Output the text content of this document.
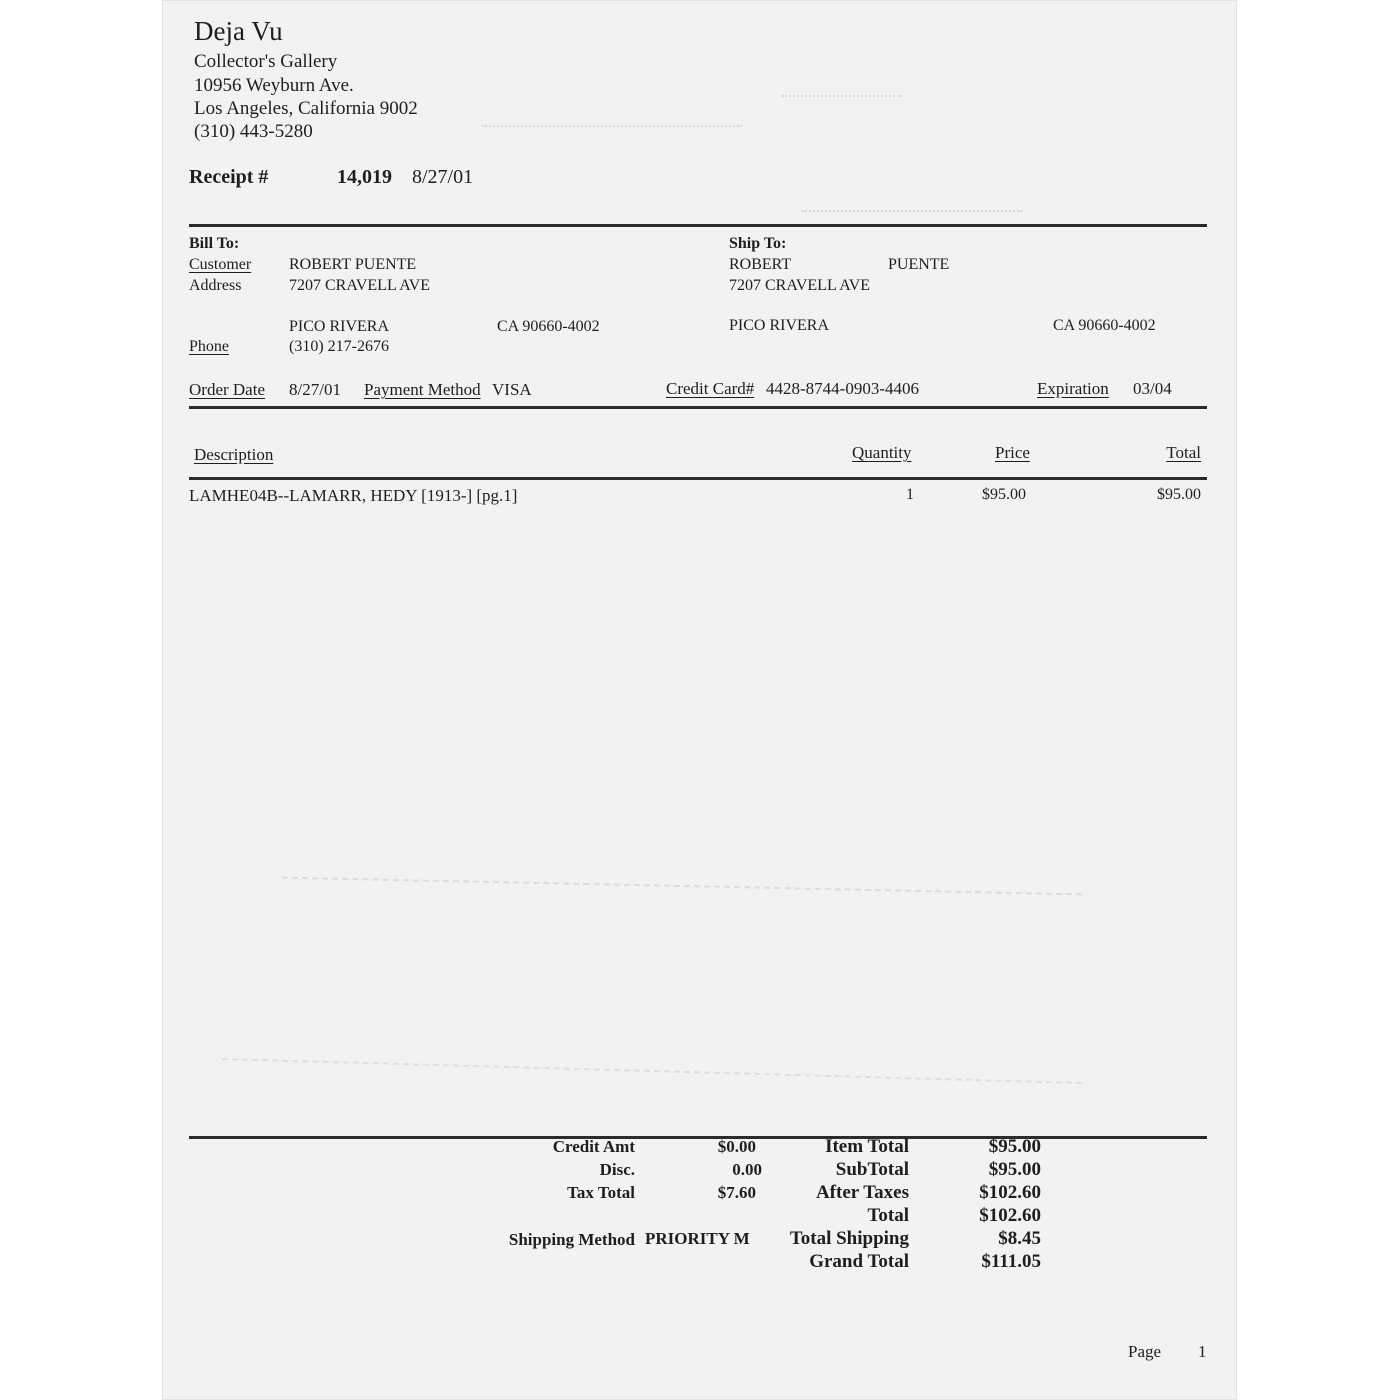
Deja Vu
Collector's Gallery
10956 Weyburn Ave.
Los Angeles, California 9002
(310) 443-5280
Receipt #	14,019 8/27/01
Bill To:
Customer ROBERT PUENTE
Address	7207 CRAVELL AVE
PICO RIVERA	CA 90660-4002
Phone	(310) 217-2676
Ship To:
ROBERT	PUENTE
7207 CRAVELL AVE
PICO RIVERA	CA 90660-4002
Order Date 8/27/01 Payment Method VISA	Credit Card# 4428-8744-0903-4406	Expiration 03/04
Description	Quantity	Price	Total
LAMHE04B--LAMARR, HEDY [1913-] [pg.1]	1	$95.00	$95.00
Credit Amt	$0.00
Disc.	0.00
Tax Total	$7.60
Shipping Method PRIORITY M
Item Total	$95.00
SubTotal	$95.00
After Taxes	$102.60
Total	$102.60
Total Shipping	$8.45
Grand Total	$111.05
Page 1
